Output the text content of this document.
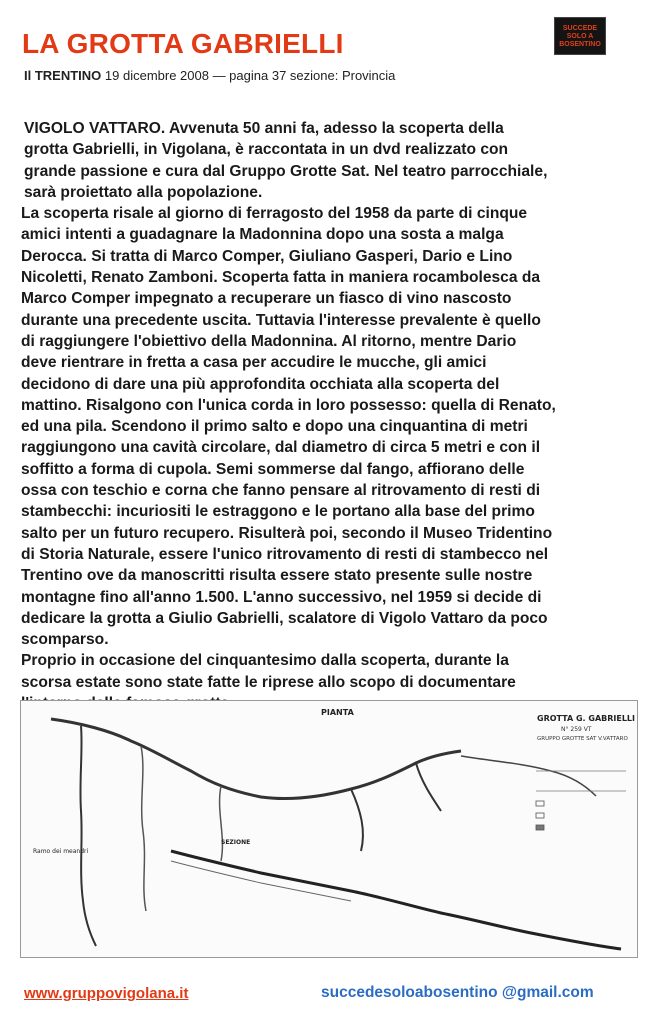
LA GROTTA GABRIELLI	SUCCEDE
SOLO A
BOSENTINO
Il TRENTINO 19 dicembre 2008 — pagina 37 sezione: Provincia

VIGOLO VATTARO. Avvenuta 50 anni fa, adesso la scoperta della
grotta Gabrielli, in Vigolana, è raccontata in un dvd realizzato con
grande passione e cura dal Gruppo Grotte Sat. Nel teatro parrocchiale,
sarà proiettato alla popolazione.

La scoperta risale al giorno di ferragosto del 1958 da parte di cinque
amici intenti a guadagnare la Madonnina dopo una sosta a malga
Derocca. Si tratta di Marco Comper, Giuliano Gasperi, Dario e Lino
Nicoletti, Renato Zamboni. Scoperta fatta in maniera rocambolesca da
Marco Comper impegnato a recuperare un fiasco di vino nascosto
durante una precedente uscita. Tuttavia l'interesse prevalente è quello
di raggiungere l'obiettivo della Madonnina. Al ritorno, mentre Dario
deve rientrare in fretta a casa per accudire le mucche, gli amici
decidono di dare una più approfondita occhiata alla scoperta del
mattino. Risalgono con l'unica corda in loro possesso: quella di Renato,
ed una pila. Scendono il primo salto e dopo una cinquantina di metri
raggiungono una cavità circolare, dal diametro di circa 5 metri e con il
soffitto a forma di cupola. Semi sommerse dal fango, affiorano delle
ossa con teschio e corna che fanno pensare al ritrovamento di resti di
stambecchi: incuriositi le estraggono e le portano alla base del primo
salto per un futuro recupero. Risulterà poi, secondo il Museo Tridentino
di Storia Naturale, essere l'unico ritrovamento di resti di stambecco nel
Trentino ove da manoscritti risulta essere stato presente sulle nostre
montagne fino all'anno 1.500. L'anno successivo, nel 1959 si decide di
dedicare la grotta a Giulio Gabrielli, scalatore di Vigolo Vattaro da poco
scomparso.

Proprio in occasione del cinquantesimo dalla scoperta, durante la
scorsa estate sono state fatte le riprese allo scopo di documentare

PIANTA
GROTTA G. GABRIELLI
N° 259 VT
GRUPPO GROTTE SAT V.VATTARO
SEZIONE
Ramo dei meandri
www.gruppovigolana.it	succedesoloabosentino @gmail.com
